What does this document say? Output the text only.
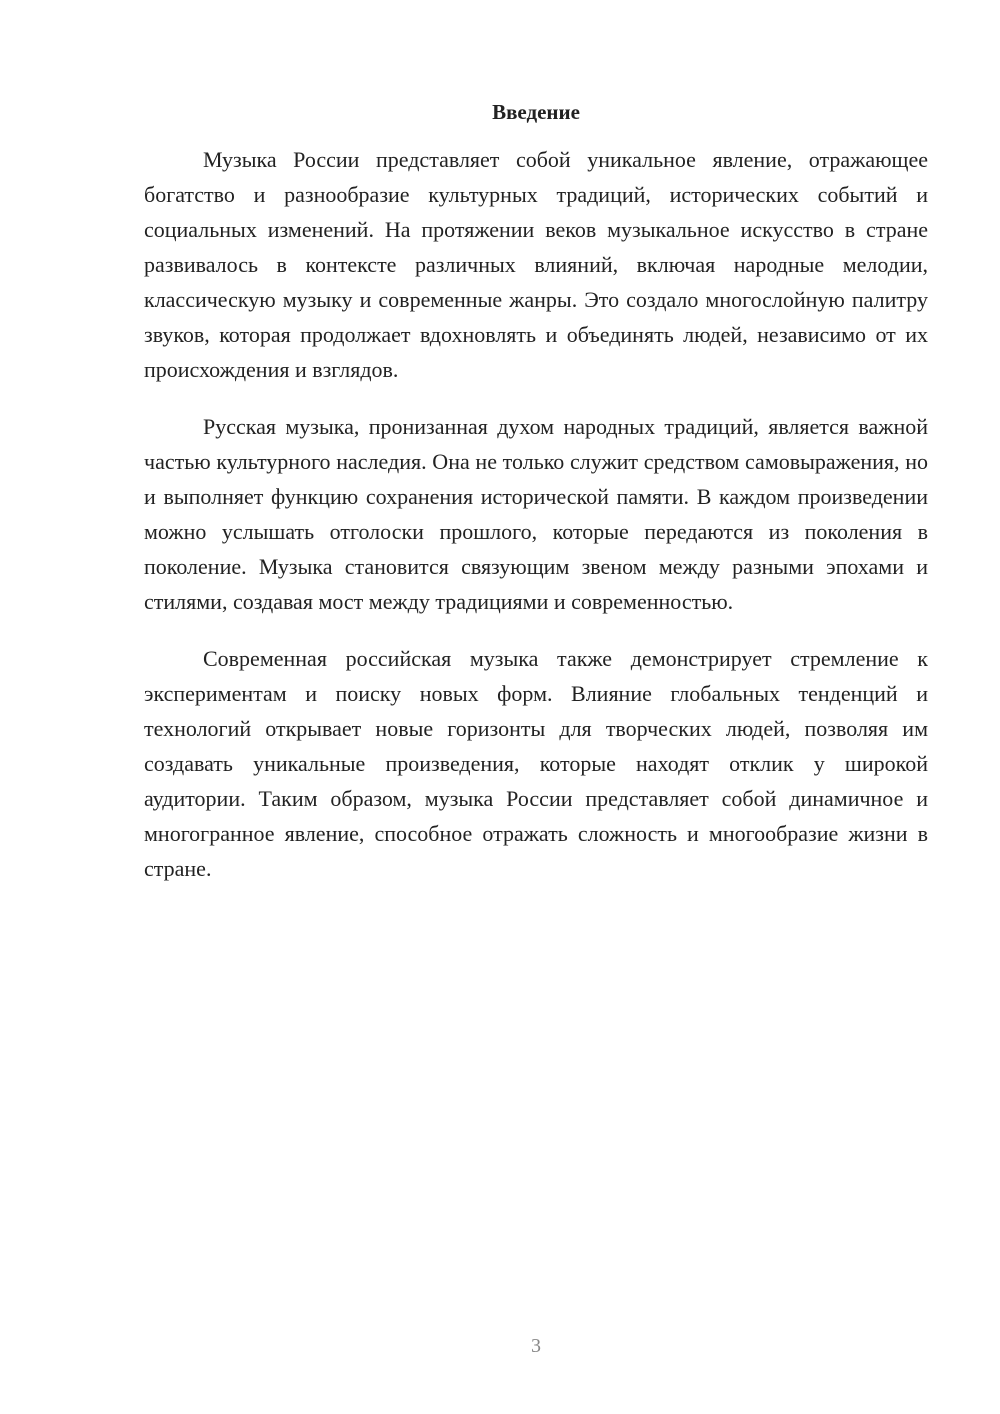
Введение

Музыка России представляет собой уникальное явление, отражающее богатство и разнообразие культурных традиций, исторических событий и социальных изменений. На протяжении веков музыкальное искусство в стране развивалось в контексте различных влияний, включая народные мелодии, классическую музыку и современные жанры. Это создало многослойную палитру звуков, которая продолжает вдохновлять и объединять людей, независимо от их происхождения и взглядов.

Русская музыка, пронизанная духом народных традиций, является важной частью культурного наследия. Она не только служит средством самовыражения, но и выполняет функцию сохранения исторической памяти. В каждом произведении можно услышать отголоски прошлого, которые передаются из поколения в поколение. Музыка становится связующим звеном между разными эпохами и стилями, создавая мост между традициями и современностью.

Современная российская музыка также демонстрирует стремление к экспериментам и поиску новых форм. Влияние глобальных тенденций и технологий открывает новые горизонты для творческих людей, позволяя им создавать уникальные произведения, которые находят отклик у широкой аудитории. Таким образом, музыка России представляет собой динамичное и многогранное явление, способное отражать сложность и многообразие жизни в стране.

3
